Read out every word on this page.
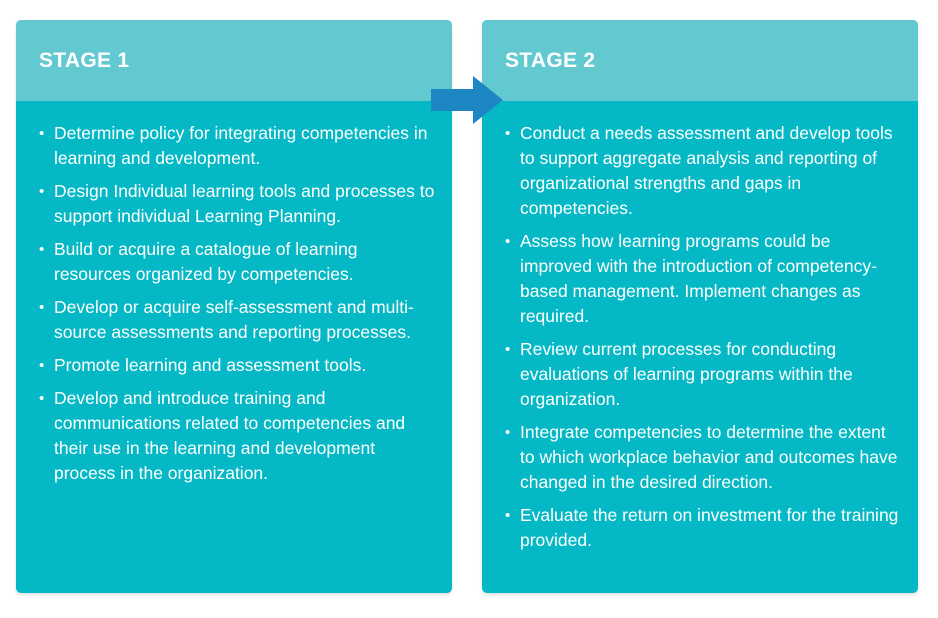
STAGE 1
• Determine policy for integrating competencies in learning and development.
• Design Individual learning tools and processes to support individual Learning Planning.
• Build or acquire a catalogue of learning resources organized by competencies.
• Develop or acquire self-assessment and multi-source assessments and reporting processes.
• Promote learning and assessment tools.
• Develop and introduce training and communications related to competencies and their use in the learning and development process in the organization.
STAGE 2
• Conduct a needs assessment and develop tools to support aggregate analysis and reporting of organizational strengths and gaps in competencies.
• Assess how learning programs could be improved with the introduction of competency-based management. Implement changes as required.
• Review current processes for conducting evaluations of learning programs within the organization.
• Integrate competencies to determine the extent to which workplace behavior and outcomes have changed in the desired direction.
• Evaluate the return on investment for the training provided.
